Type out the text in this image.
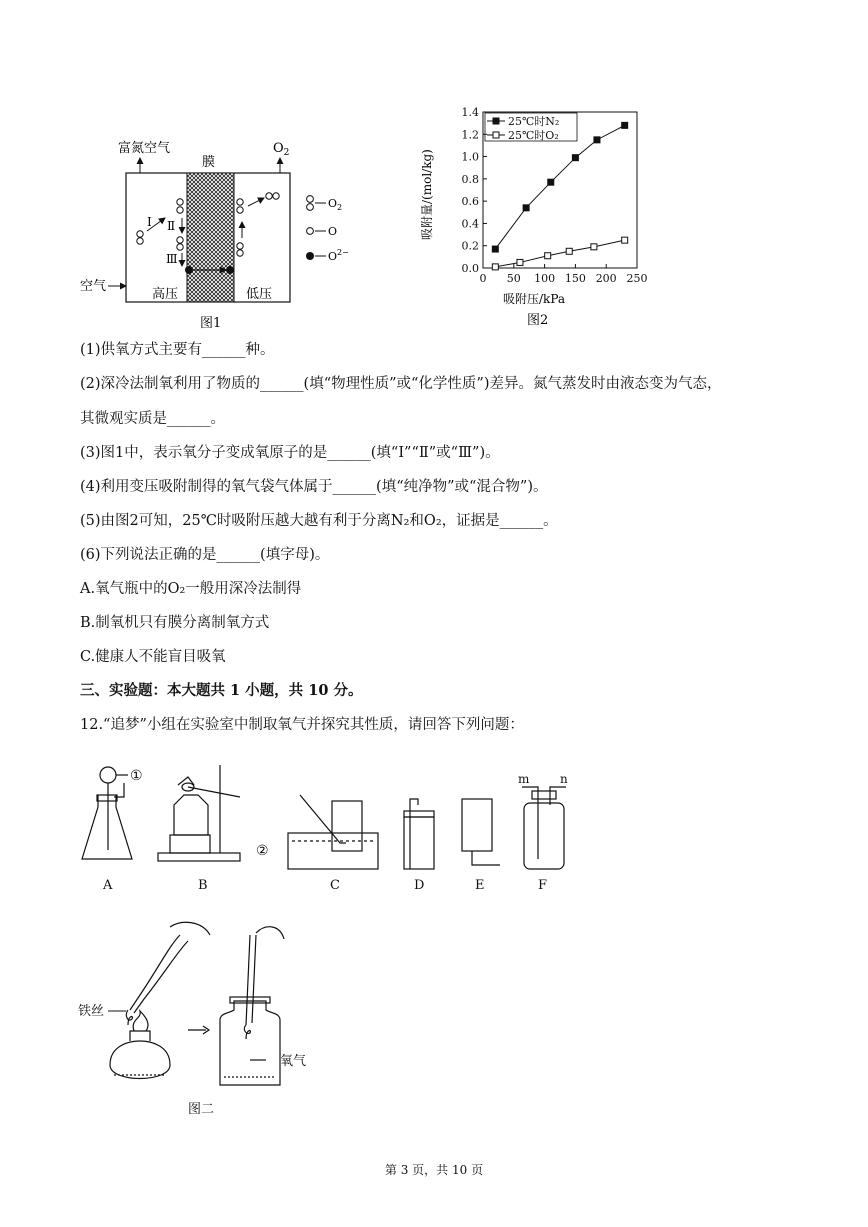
富氮空气
膜
$O_2$
空气
高压	低压
Ⅰ Ⅱ
Ⅲ
$O_2$
O
$O^{2-}$
图1
吸附量/(mol/kg)
吸附压/kPa
图2
0 50 100 150 200 250
0.0
0.2
0.4
0.6
0.8
1.0
1.2
1.4
25℃时N₂
25℃时O₂
(1)供氧方式主要有______种。
(2)深冷法制氧利用了物质的______(填“物理性质”或“化学性质”)差异。氮气蒸发时由液态变为气态，
其微观实质是______。
(3)图1中，表示氧分子变成氧原子的是______(填“Ⅰ”“Ⅱ”或“Ⅲ”)。
(4)利用变压吸附制得的氧气袋气体属于______(填“纯净物”或“混合物”)。
(5)由图2可知，25℃时吸附压越大越有利于分离N₂和O₂，证据是______。
(6)下列说法正确的是______(填字母)。
A.氧气瓶中的O₂一般用深冷法制得
B.制氧机只有膜分离制氧方式
C.健康人不能盲目吸氧
三、实验题：本大题共 1 小题，共 10 分。
12.“追梦”小组在实验室中制取氧气并探究其性质，请回答下列问题：
①
②
m	n
A	B	C	D	E	F
铁丝
氧气
图二
第 3 页，共 10 页
